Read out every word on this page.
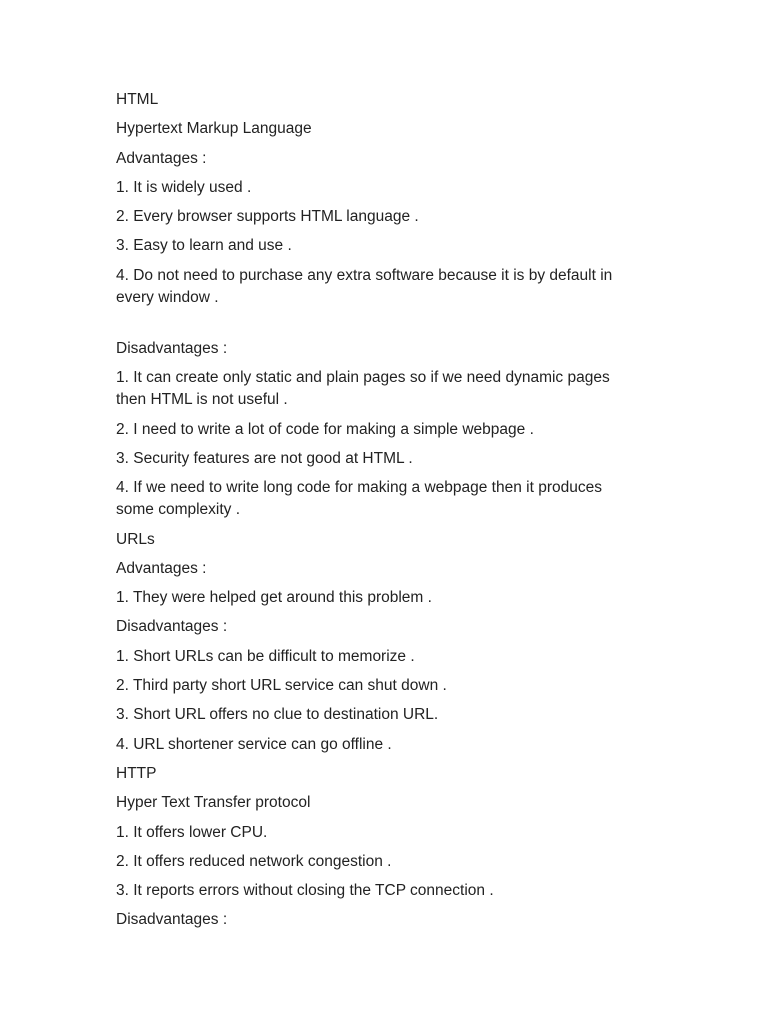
HTML
Hypertext Markup Language
Advantages :
1. It is widely used .
2. Every browser supports HTML language .
3. Easy to learn and use .
4. Do not need to purchase any extra software because it is by default in every window .
Disadvantages :
1. It can create only static and plain pages so if we need dynamic pages then HTML is not useful .
2. I need to write a lot of code for making a simple webpage .
3. Security features are not good at HTML .
4. If we need to write long code for making a webpage then it produces some complexity .
URLs
Advantages :
1. They were helped get around this problem .
Disadvantages :
1. Short URLs can be difficult to memorize .
2. Third party short URL service can shut down .
3. Short URL offers no clue to destination URL.
4. URL shortener service can go offline .
HTTP
Hyper Text Transfer protocol
1. It offers lower CPU.
2. It offers reduced network congestion .
3. It reports errors without closing the TCP connection .
Disadvantages :
